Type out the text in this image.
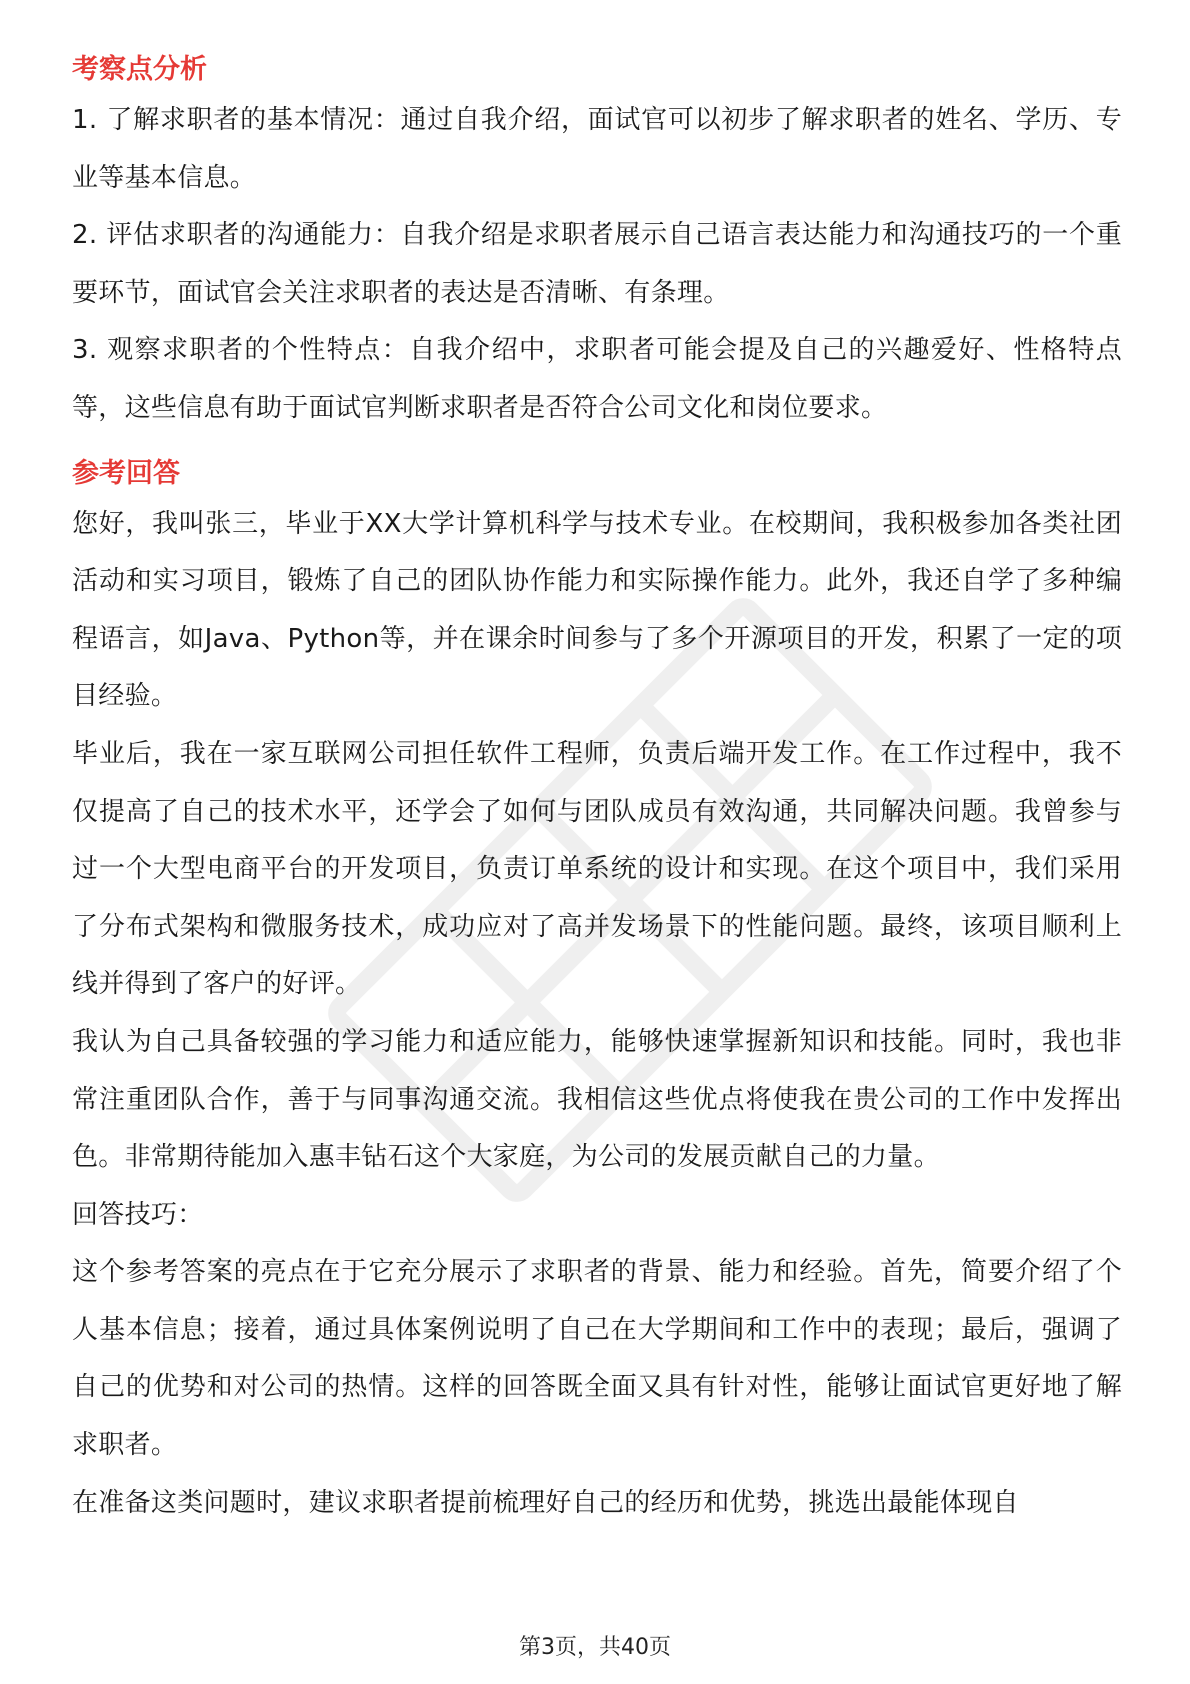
考察点分析

1. 了解求职者的基本情况：通过自我介绍，面试官可以初步了解求职者的姓名、学历、专业等基本信息。

2. 评估求职者的沟通能力：自我介绍是求职者展示自己语言表达能力和沟通技巧的一个重要环节，面试官会关注求职者的表达是否清晰、有条理。

3. 观察求职者的个性特点：自我介绍中，求职者可能会提及自己的兴趣爱好、性格特点等，这些信息有助于面试官判断求职者是否符合公司文化和岗位要求。

参考回答

您好，我叫张三，毕业于XX大学计算机科学与技术专业。在校期间，我积极参加各类社团活动和实习项目，锻炼了自己的团队协作能力和实际操作能力。此外，我还自学了多种编程语言，如Java、Python等，并在课余时间参与了多个开源项目的开发，积累了一定的项目经验。

毕业后，我在一家互联网公司担任软件工程师，负责后端开发工作。在工作过程中，我不仅提高了自己的技术水平，还学会了如何与团队成员有效沟通，共同解决问题。我曾参与过一个大型电商平台的开发项目，负责订单系统的设计和实现。在这个项目中，我们采用了分布式架构和微服务技术，成功应对了高并发场景下的性能问题。最终，该项目顺利上线并得到了客户的好评。

我认为自己具备较强的学习能力和适应能力，能够快速掌握新知识和技能。同时，我也非常注重团队合作，善于与同事沟通交流。我相信这些优点将使我在贵公司的工作中发挥出色。非常期待能加入惠丰钻石这个大家庭，为公司的发展贡献自己的力量。

回答技巧：

这个参考答案的亮点在于它充分展示了求职者的背景、能力和经验。首先，简要介绍了个人基本信息；接着，通过具体案例说明了自己在大学期间和工作中的表现；最后，强调了自己的优势和对公司的热情。这样的回答既全面又具有针对性，能够让面试官更好地了解求职者。

在准备这类问题时，建议求职者提前梳理好自己的经历和优势，挑选出最能体现自

第3页，共40页
